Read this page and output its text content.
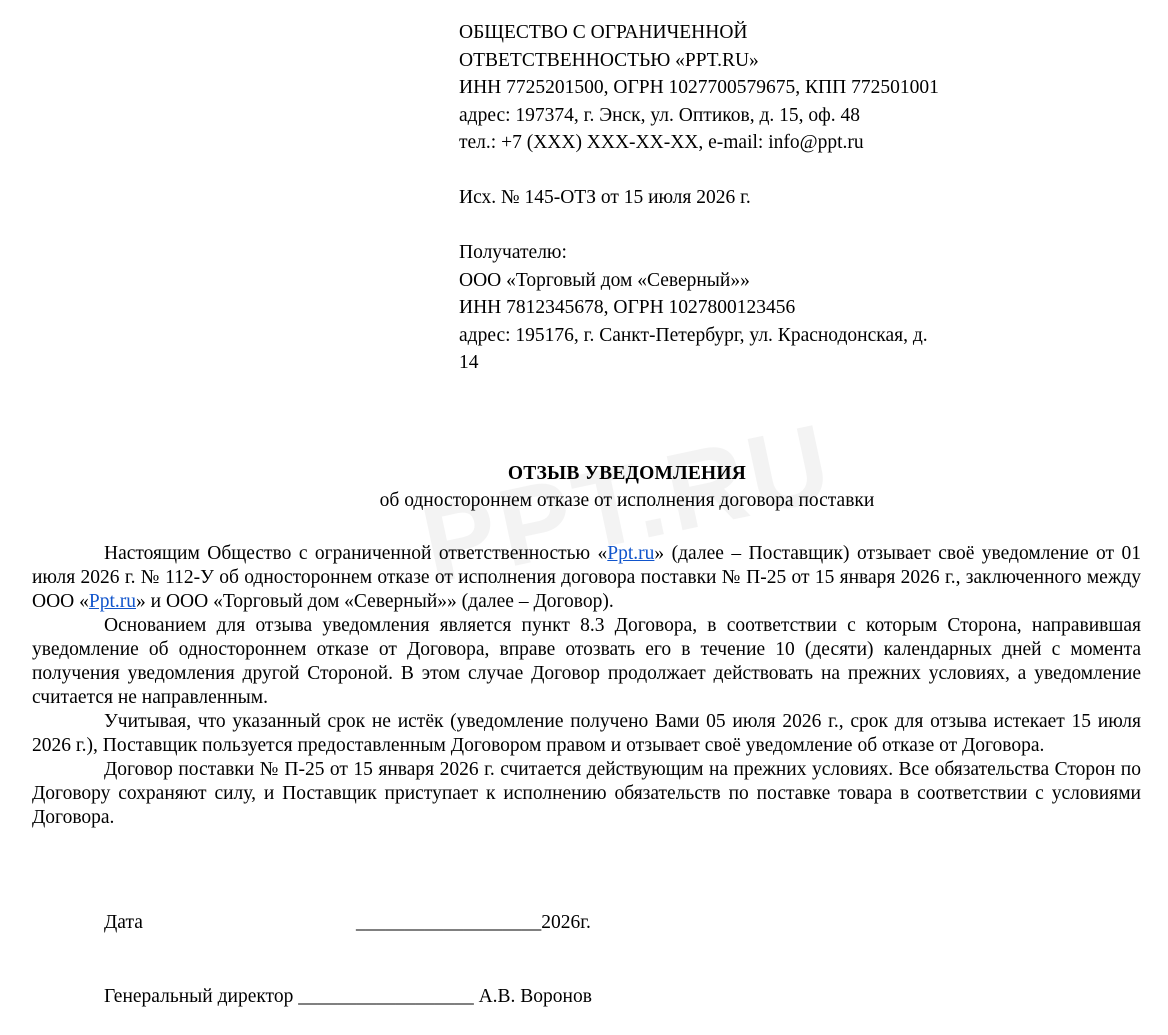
ОБЩЕСТВО С ОГРАНИЧЕННОЙ
ОТВЕТСТВЕННОСТЬЮ «PPT.RU»
ИНН 7725201500, ОГРН 1027700579675, КПП 772501001
адрес: 197374, г. Энск, ул. Оптиков, д. 15, оф. 48
тел.: +7 (XXX) XXX-XX-XX, e-mail: info@ppt.ru
Исх. № 145-ОТЗ от 15 июля 2026 г.
Получателю:
ООО «Торговый дом «Северный»»
ИНН 7812345678, ОГРН 1027800123456
адрес: 195176, г. Санкт-Петербург, ул. Краснодонская, д.
14
ОТЗЫВ УВЕДОМЛЕНИЯ
об одностороннем отказе от исполнения договора поставки

Настоящим Общество с ограниченной ответственностью «Ppt.ru» (далее – Поставщик) отзывает своё уведомление от 01 июля 2026 г. № 112-У об одностороннем отказе от исполнения договора поставки № П-25 от 15 января 2026 г., заключенного между ООО «Ppt.ru» и ООО «Торговый дом «Северный»» (далее – Договор).

Основанием для отзыва уведомления является пункт 8.3 Договора, в соответствии с которым Сторона, направившая уведомление об одностороннем отказе от Договора, вправе отозвать его в течение 10 (десяти) календарных дней с момента получения уведомления другой Стороной. В этом случае Договор продолжает действовать на прежних условиях, а уведомление считается не направленным.

Учитывая, что указанный срок не истёк (уведомление получено Вами 05 июля 2026 г., срок для отзыва истекает 15 июля 2026 г.), Поставщик пользуется предоставленным Договором правом и отзывает своё уведомление об отказе от Договора.

Договор поставки № П-25 от 15 января 2026 г. считается действующим на прежних условиях. Все обязательства Сторон по Договору сохраняют силу, и Поставщик приступает к исполнению обязательств по поставке товара в соответствии с условиями Договора.

Дата	___________________2026г.
Генеральный директор __________________ А.В. Воронов
